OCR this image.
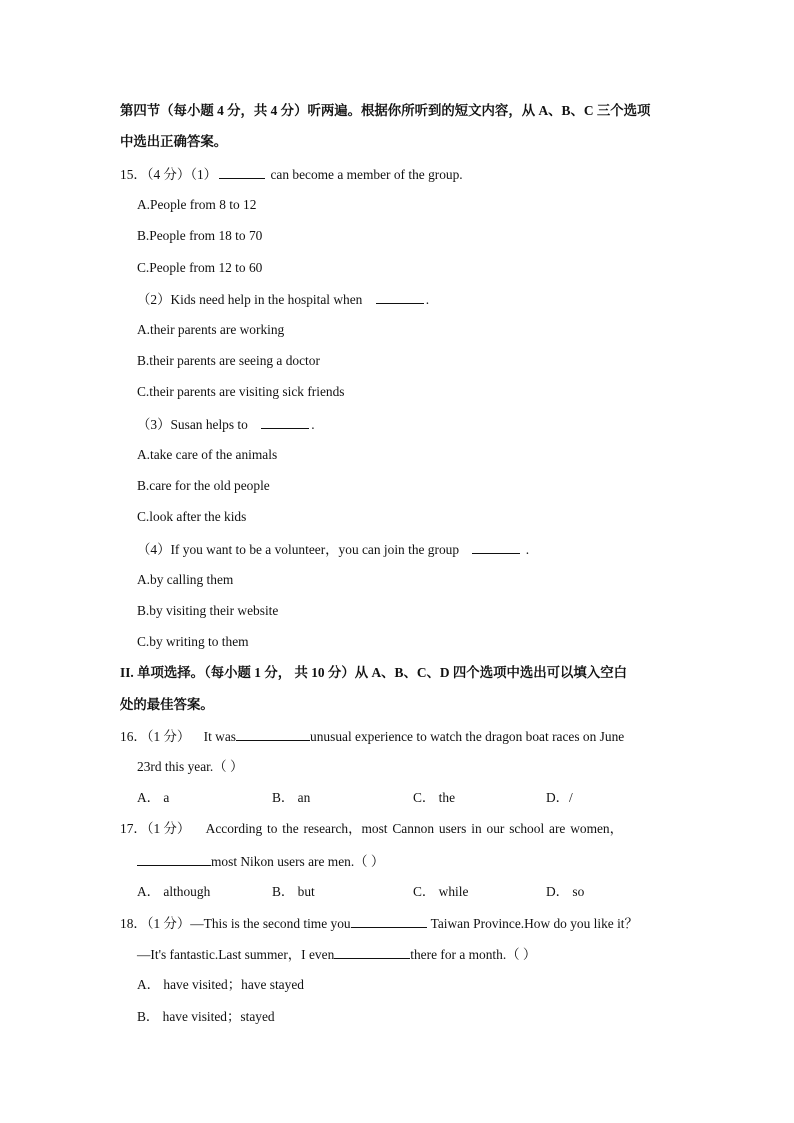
第四节（每小题 4 分，共 4 分）听两遍。根据你所听到的短文内容，从 A、B、C 三个选项
中选出正确答案。
15．（4 分）（1）	can become a member of the group.
A.People from 8 to 12
B.People from 18 to 70
C.People from 12 to 60
（2）Kids need help in the hospital when	.
A.their parents are working
B.their parents are seeing a doctor
C.their parents are visiting sick friends
（3）Susan helps to	.
A.take care of the animals
B.care for the old people
C.look after the kids
（4）If you want to be a volunteer，you can join the group	.
A.by calling them
B.by visiting their website
C.by writing to them
II. 单项选择。（每小题 1 分， 共 10 分）从 A、B、C、D 四个选项中选出可以填入空白
处的最佳答案。
16．（1 分） It was	unusual experience to watch the dragon boat races on June
23rd this year.（ ）
A． a	B． an	C． the	D．/
17．（1 分） According to the research，most Cannon users in our school are women，
most Nikon users are men.（ ）
A． although	B． but	C． while	D． so
18．（1 分）—This is the second time you	Taiwan Province.How do you like it？
—It's fantastic.Last summer，I even	there for a month.（ ）
A． have visited；have stayed
B． have visited；stayed
